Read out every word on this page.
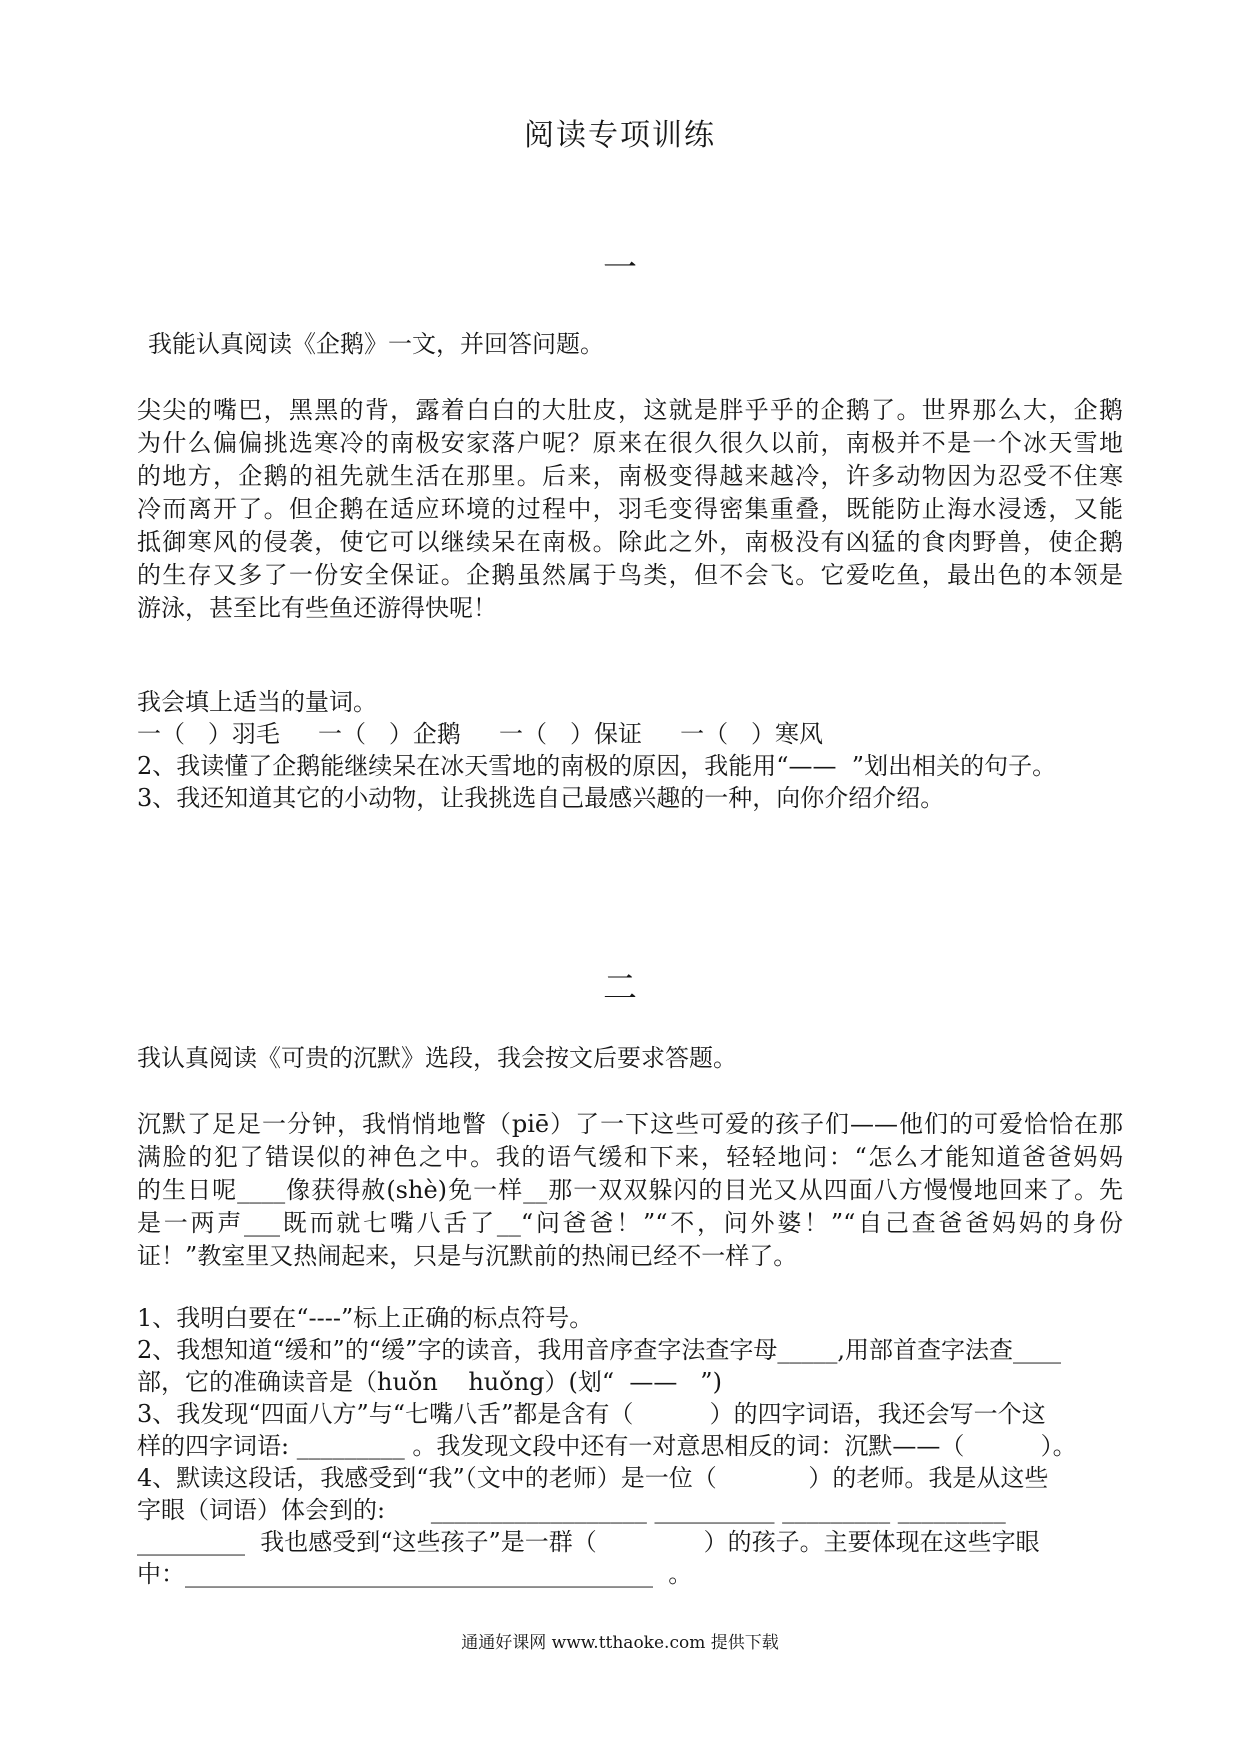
阅读专项训练
一

我能认真阅读《企鹅》一文，并回答问题。

尖尖的嘴巴，黑黑的背，露着白白的大肚皮，这就是胖乎乎的企鹅了。世界那么大，企鹅

为什么偏偏挑选寒冷的南极安家落户呢？原来在很久很久以前，南极并不是一个冰天雪地

的地方，企鹅的祖先就生活在那里。后来，南极变得越来越冷，许多动物因为忍受不住寒

冷而离开了。但企鹅在适应环境的过程中，羽毛变得密集重叠，既能防止海水浸透，又能

抵御寒风的侵袭，使它可以继续呆在南极。除此之外，南极没有凶猛的食肉野兽，使企鹅

的生存又多了一份安全保证。企鹅虽然属于鸟类，但不会飞。它爱吃鱼，最出色的本领是

游泳，甚至比有些鱼还游得快呢！

我会填上适当的量词。

一（   ）羽毛     一（   ）企鹅     一（   ）保证     一（   ）寒风

2、我读懂了企鹅能继续呆在冰天雪地的南极的原因，我能用“——  ”划出相关的句子。

3、我还知道其它的小动物，让我挑选自己最感兴趣的一种，向你介绍介绍。

二

我认真阅读《可贵的沉默》选段，我会按文后要求答题。

沉默了足足一分钟，我悄悄地瞥（piē）了一下这些可爱的孩子们——他们的可爱恰恰在那

满脸的犯了错误似的神色之中。我的语气缓和下来，轻轻地问：“怎么才能知道爸爸妈妈

的生日呢____像获得赦(shè)免一样__那一双双躲闪的目光又从四面八方慢慢地回来了。先

是一两声___既而就七嘴八舌了__“问爸爸！”“不，问外婆！”“自己查爸爸妈妈的身份

证！”教室里又热闹起来，只是与沉默前的热闹已经不一样了。

1、我明白要在“----”标上正确的标点符号。

2、我想知道“缓和”的“缓”字的读音，我用音序查字法查字母_____,用部首查字法查____

部，它的准确读音是（huǒn    huǒng）(划“  ——   ”)

3、我发现“四面八方”与“七嘴八舌”都是含有（          ）的四字词语，我还会写一个这

样的四字词语: _________ 。我发现文段中还有一对意思相反的词：沉默——（          ）。

4、默读这段话，我感受到“我”（文中的老师）是一位（            ）的老师。我是从这些

字眼（词语）体会到的:      __________________ __________ _________ _________

_________  我也感受到“这些孩子”是一群（              ）的孩子。主要体现在这些字眼

中：_______________________________________  。

通通好课网 www.tthaoke.com 提供下载
